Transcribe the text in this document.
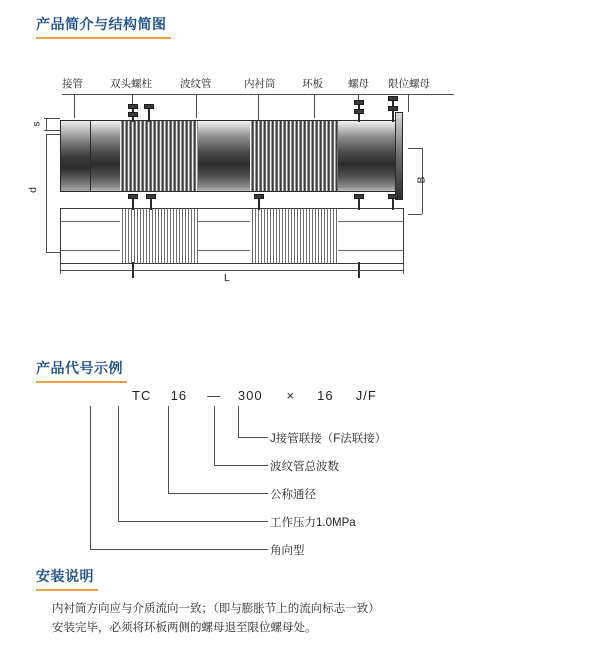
产品简介与结构简图
接管	双头螺柱	波纹管	内衬筒	环板 螺母 限位螺母
s
d
B
L
产品代号示例
TC 16 — 300 × 16 J/F
J接管联接（F法联接）
波纹管总波数
公称通径
工作压力1.0MPa
角向型
安装说明
内衬筒方向应与介质流向一致；（即与膨胀节上的流向标志一致）
安装完毕，必须将环板两侧的螺母退至限位螺母处。
